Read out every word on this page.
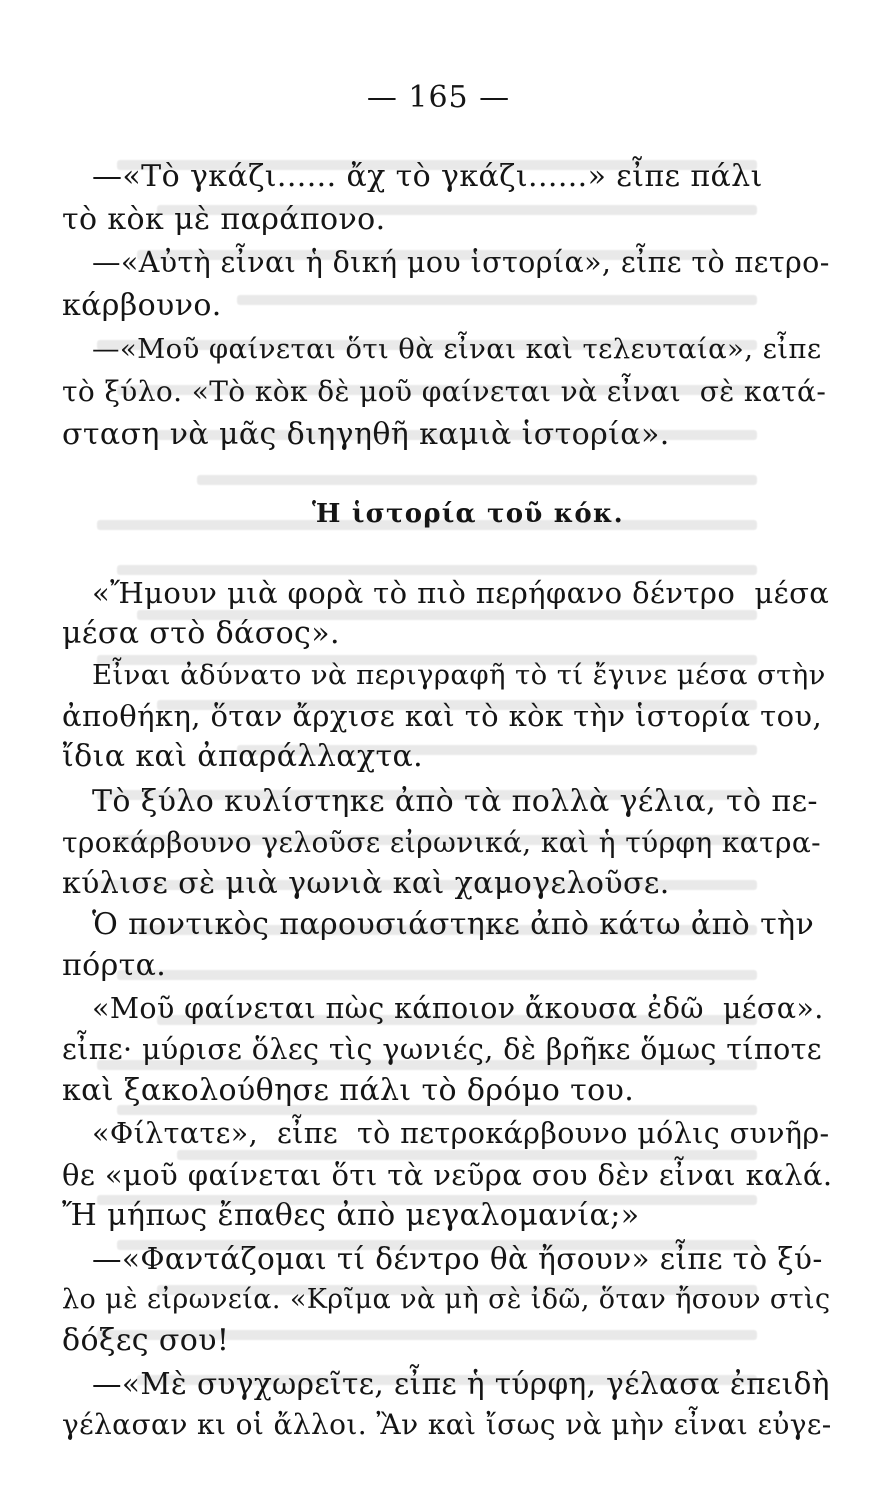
— 165 —
—«Τὸ γκάζι...... ἄχ τὸ γκάζι......» εἶπε πάλι
τὸ κὸκ μὲ παράπονο.
—«Αὐτὴ εἶναι ἡ δική μου ἱστορία», εἶπε τὸ πετρο-
κάρβουνο.
—«Μοῦ φαίνεται ὅτι θὰ εἶναι καὶ τελευταία», εἶπε
τὸ ξύλο. «Τὸ κὸκ δὲ μοῦ φαίνεται νὰ εἶναι  σὲ κατά-
σταση νὰ μᾶς διηγηθῆ καμιὰ ἱστορία».
Ἡ ἱστορία τοῦ κόκ.
«Ἤμουν μιὰ φορὰ τὸ πιὸ περήφανο δέντρο  μέσα
μέσα στὸ δάσος».
Εἶναι ἀδύνατο νὰ περιγραφῆ τὸ τί ἔγινε μέσα στὴν
ἀποθήκη, ὅταν ἄρχισε καὶ τὸ κὸκ τὴν ἱστορία του,
ἴδια καὶ ἀπαράλλαχτα.
Τὸ ξύλο κυλίστηκε ἀπὸ τὰ πολλὰ γέλια, τὸ πε-
τροκάρβουνο γελοῦσε εἰρωνικά, καὶ ἡ τύρφη κατρα-
κύλισε σὲ μιὰ γωνιὰ καὶ χαμογελοῦσε.
Ὁ ποντικὸς παρουσιάστηκε ἀπὸ κάτω ἀπὸ τὴν
πόρτα.
«Μοῦ φαίνεται πὼς κάποιον ἄκουσα ἐδῶ  μέσα».
εἶπε· μύρισε ὅλες τὶς γωνιές, δὲ βρῆκε ὅμως τίποτε
καὶ ξακολούθησε πάλι τὸ δρόμο του.
«Φίλτατε»,  εἶπε  τὸ πετροκάρβουνο μόλις συνῆρ-
θε «μοῦ φαίνεται ὅτι τὰ νεῦρα σου δὲν εἶναι καλά.
Ἤ μήπως ἔπαθες ἀπὸ μεγαλομανία;»
—«Φαντάζομαι τί δέντρο θὰ ἤσουν» εἶπε τὸ ξύ-
λο μὲ εἰρωνεία. «Κρῖμα νὰ μὴ σὲ ἰδῶ, ὅταν ἤσουν στὶς
δόξες σου!
—«Μὲ συγχωρεῖτε, εἶπε ἡ τύρφη, γέλασα ἐπειδὴ
γέλασαν κι οἱ ἄλλοι. Ἂν καὶ ἴσως νὰ μὴν εἶναι εὐγε-
